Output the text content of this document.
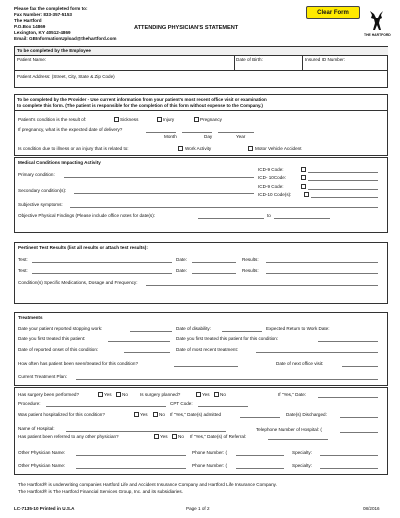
Please fax the completed form to:
Fax Number: 833-357-5153
The Hartford
P.O.Box 14869
Lexington, KY 40512-4869
Email: GBInformationUpload@thehartford.com
ATTENDING PHYSICIAN'S STATEMENT
Clear Form
THE HARTFORD
To be completed by the Employee
Patient Name:	Date of Birth:	Insured ID Number:
Patient Address: (Street, City, State & Zip Code)
To be completed by the Provider - Use current information from your patient's most recent office visit or examination
to complete this form. (The patient is responsible for the completion of this form without expense to the Company.)
Patient's condition is the result of:	Sickness	Injury	Pregnancy
If pregnancy, what is the expected date of delivery?
Month	Day	Year
Is condition due to illness or an injury that is related to:	Work Activity	Motor Vehicle Accident
Medical Conditions Impacting Activity
Primary condition:
ICD-9 Code:
ICD- 10Code:
Secondary condition(s):
ICD-9 Code:
ICD-10 Code(s):
Subjective symptoms:
Objective Physical Findings (Please include office notes for date(s):	to
Pertinent Test Results (list all results or attach test results):
Test:	Date:	Results:
Test:	Date:	Results:
Condition(s) Specific Medications, Dosage and Frequency:
Treatments
Date your patient reported stopping work:	Date of disability:	Expected Return to Work Date:
Date you first treated this patient:	Date you first treated this patient for this condition:
Date of reported onset of this condition:	Date of most recent treatment:
How often has patient been seen/treated for this condition?	Date of next office visit:
Current Treatment Plan:
Has surgery been performed?	Yes No	Is surgery planned?	Yes No	If "Yes," Date:
Procedure:	CPT Code:
Was patient hospitalized for this condition?	Yes	No If "Yes," Date(s) admitted	Date(s) Discharged:
Name of Hospital:	Telephone Number of Hospital: (
Has patient been referred to any other physician?	Yes No If "Yes," Date(s) of Referral:
Other Physician Name:	Phone Number: (	Specialty:
Other Physician Name:	Phone Number: (	Specialty:
The Hartford® is underwriting companies Hartford Life and Accident Insurance Company and Hartford Life Insurance Company.
The Hartford® is The Hartford Financial Services Group, Inc. and its subsidiaries.
LC-7135-10 Printed in U.S.A	Page 1 of 2	08/2016
